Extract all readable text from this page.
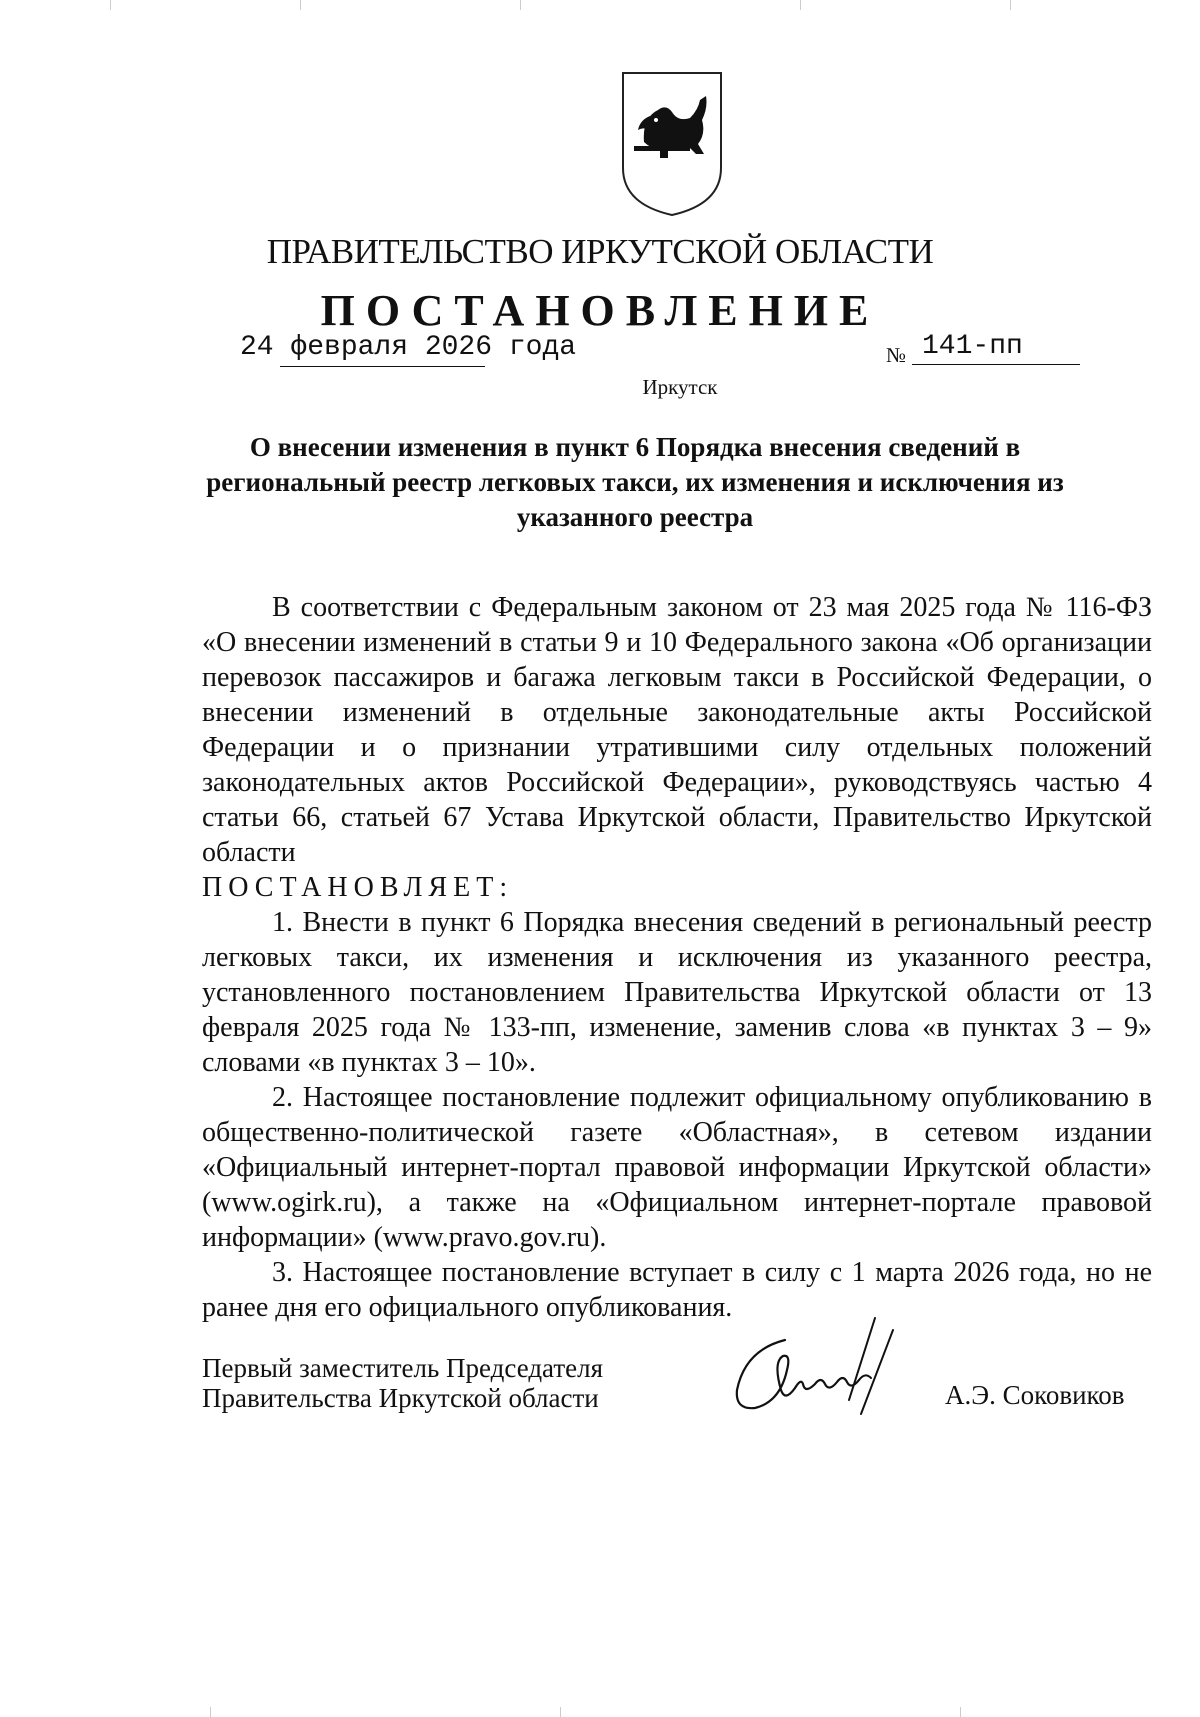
ПРАВИТЕЛЬСТВО ИРКУТСКОЙ ОБЛАСТИ
ПОСТАНОВЛЕНИЕ
24 февраля 2026 года	№ 141-пп
Иркутск
О внесении изменения в пункт 6 Порядка внесения сведений в региональный реестр легковых такси, их изменения и исключения из указанного реестра

В соответствии с Федеральным законом от 23 мая 2025 года № 116-ФЗ «О внесении изменений в статьи 9 и 10 Федерального закона «Об организации перевозок пассажиров и багажа легковым такси в Российской Федерации, о внесении изменений в отдельные законодательные акты Российской Федерации и о признании утратившими силу отдельных положений законодательных актов Российской Федерации», руководствуясь частью 4 статьи 66, статьей 67 Устава Иркутской области, Правительство Иркутской области

ПОСТАНОВЛЯЕТ:

1. Внести в пункт 6 Порядка внесения сведений в региональный реестр легковых такси, их изменения и исключения из указанного реестра, установленного постановлением Правительства Иркутской области от 13 февраля 2025 года № 133-пп, изменение, заменив слова «в пунктах 3 – 9» словами «в пунктах 3 – 10».

2. Настоящее постановление подлежит официальному опубликованию в общественно-политической газете «Областная», в сетевом издании «Официальный интернет-портал правовой информации Иркутской области» (www.ogirk.ru), а также на «Официальном интернет-портале правовой информации» (www.pravo.gov.ru).

3. Настоящее постановление вступает в силу с 1 марта 2026 года, но не ранее дня его официального опубликования.

Первый заместитель Председателя
Правительства Иркутской области	А.Э. Соковиков
